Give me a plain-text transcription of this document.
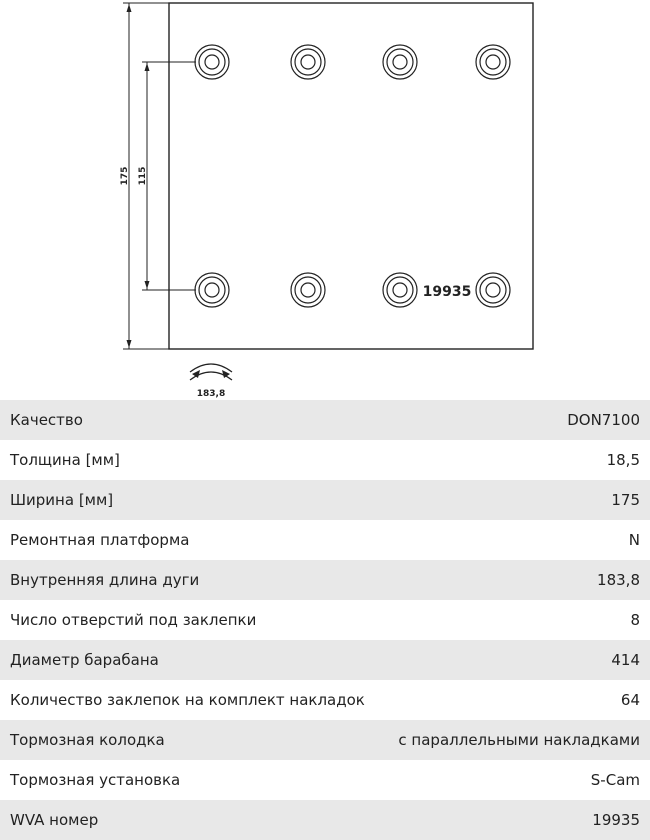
175 115
19935
183,8
Качество	DON7100
Толщина [мм]	18,5
Ширина [мм]	175
Ремонтная платформа	N
Внутренняя длина дуги	183,8
Число отверстий под заклепки	8
Диаметр барабана	414
Количество заклепок на комплект накладок	64
Тормозная колодка	с параллельными накладками
Тормозная установка	S-Cam
WVA номер	19935
